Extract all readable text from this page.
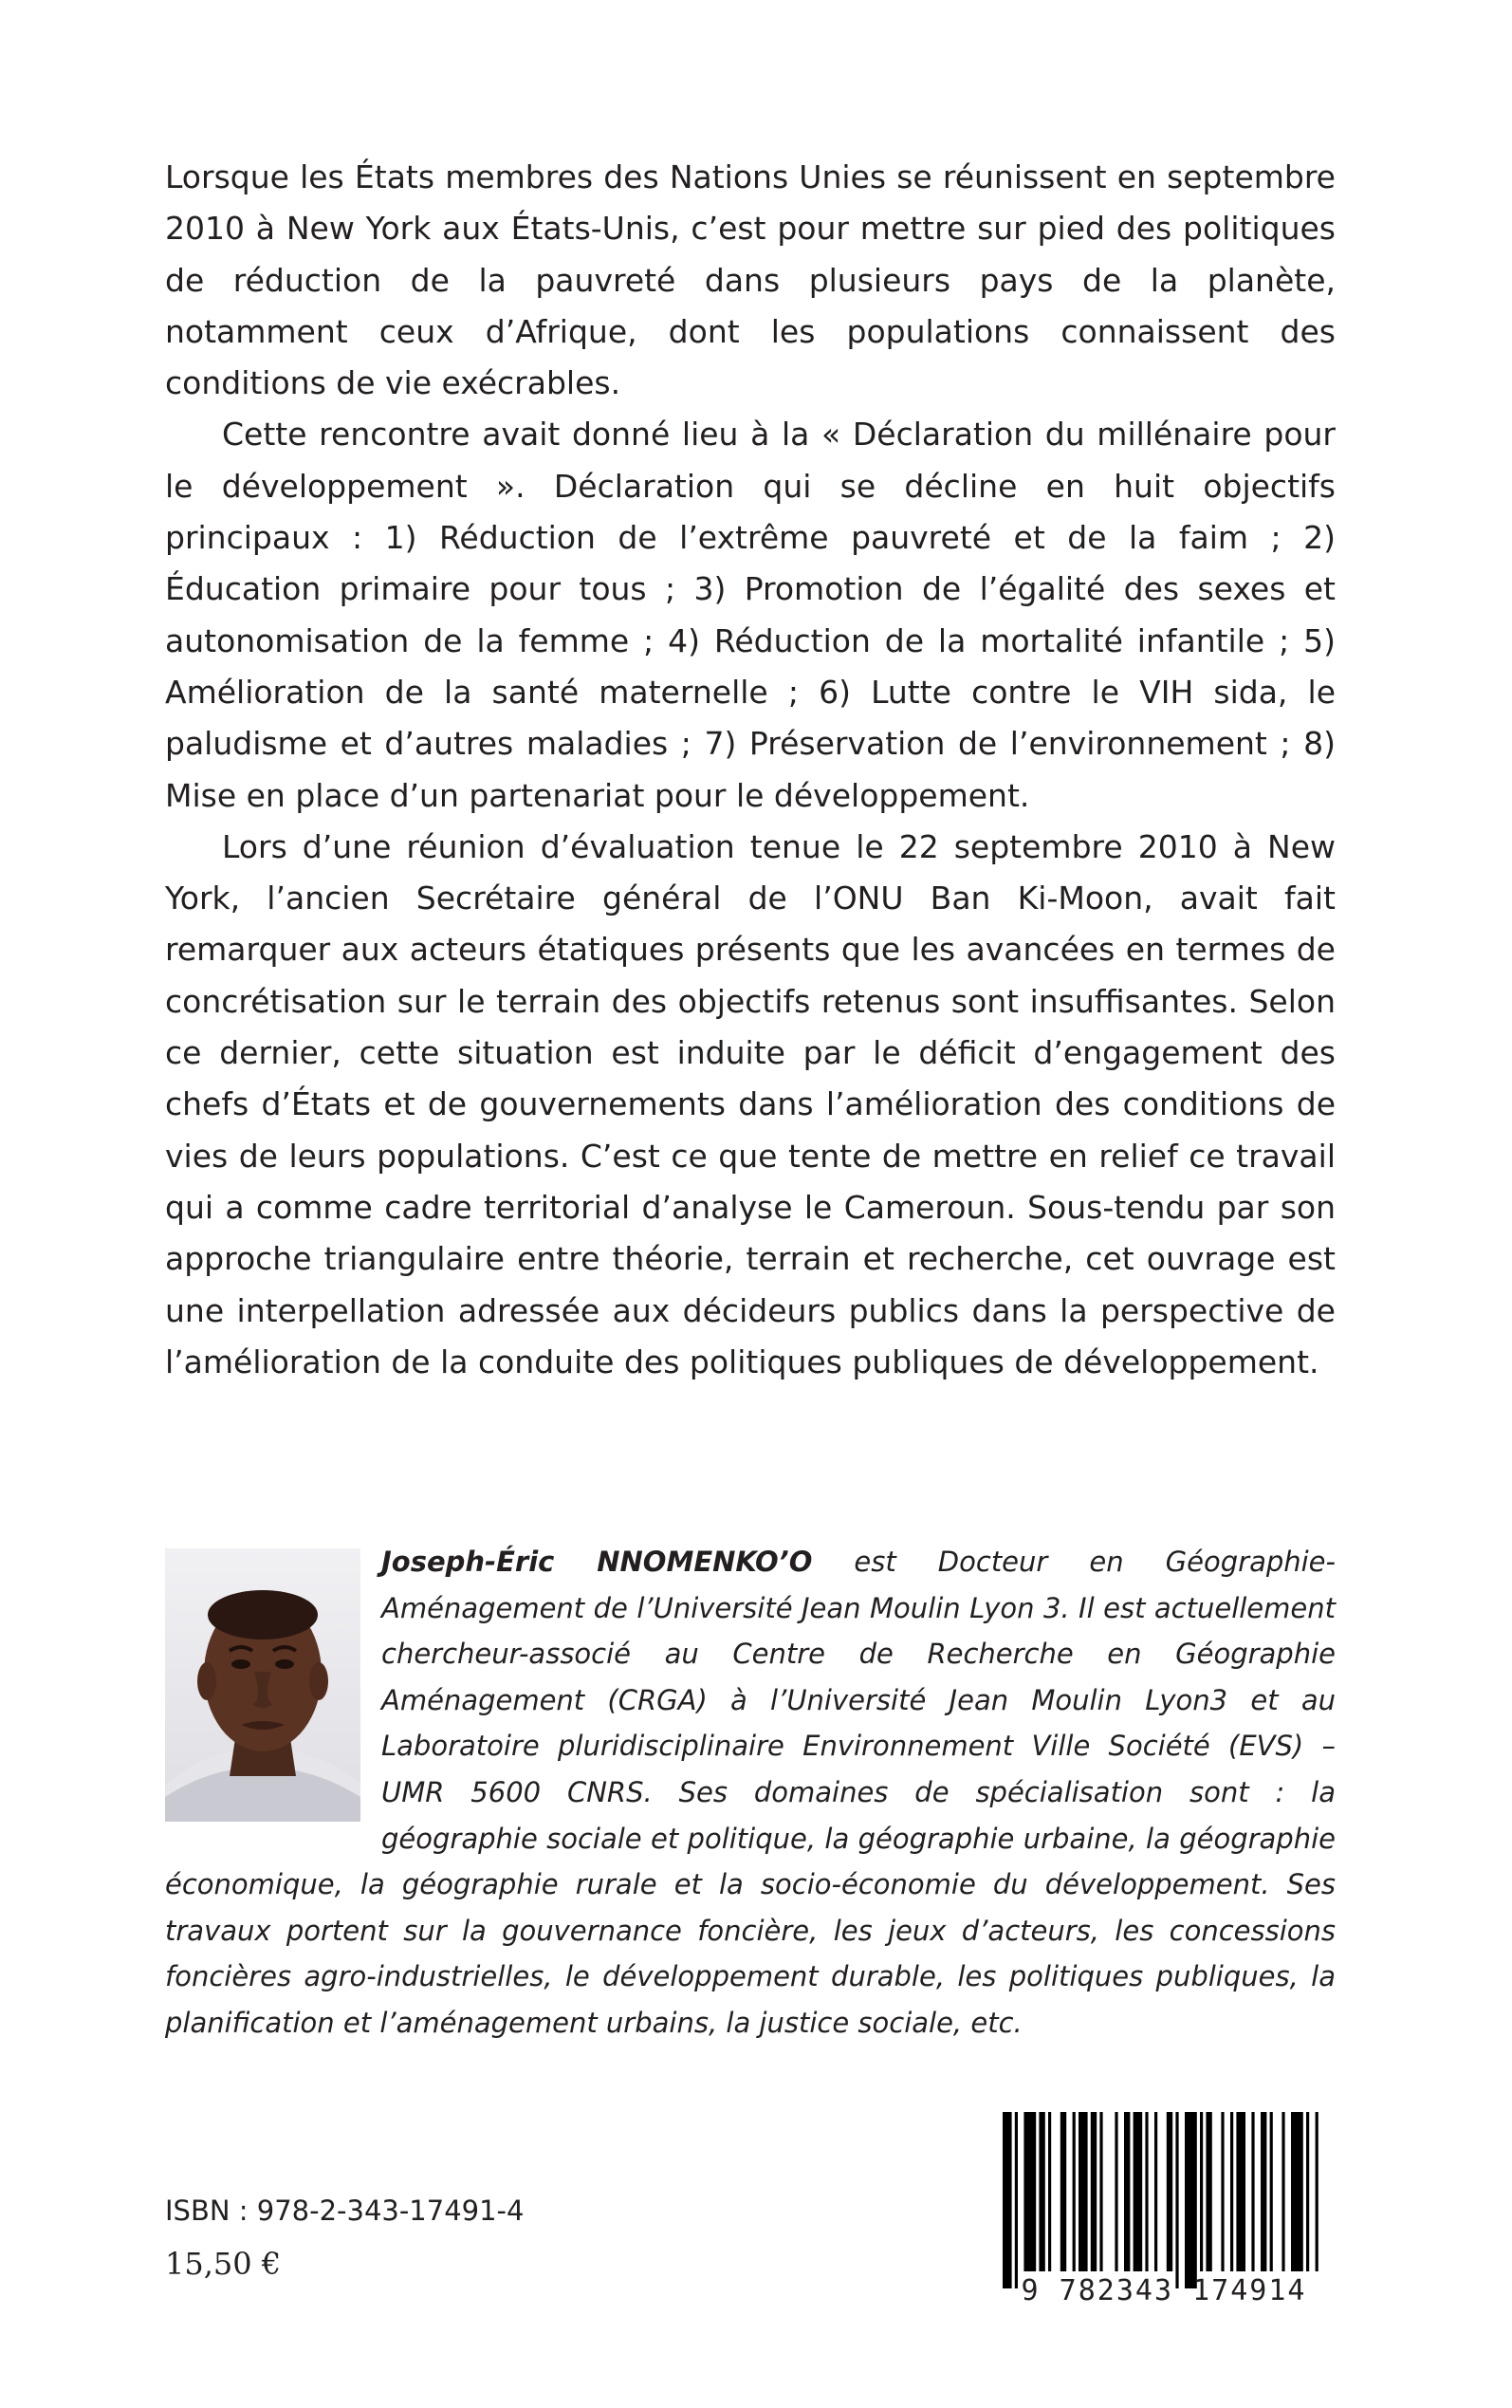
Lorsque les États membres des Nations Unies se réunissent en septembre 2010 à New York aux États-Unis, c’est pour mettre sur pied des politiques de réduction de la pauvreté dans plusieurs pays de la planète, notamment ceux d’Afrique, dont les populations connaissent des conditions de vie exécrables.

Cette rencontre avait donné lieu à la « Déclaration du millénaire pour le développement ». Déclaration qui se décline en huit objectifs principaux : 1) Réduction de l’extrême pauvreté et de la faim ; 2) Éducation primaire pour tous ; 3) Promotion de l’égalité des sexes et autonomisation de la femme ; 4) Réduction de la mortalité infantile ; 5) Amélioration de la santé maternelle ; 6) Lutte contre le VIH sida, le paludisme et d’autres maladies ; 7) Préservation de l’environnement ; 8) Mise en place d’un partenariat pour le développement.

Lors d’une réunion d’évaluation tenue le 22 septembre 2010 à New York, l’ancien Secrétaire général de l’ONU Ban Ki-Moon, avait fait remarquer aux acteurs étatiques présents que les avancées en termes de concrétisation sur le terrain des objectifs retenus sont insuffisantes. Selon ce dernier, cette situation est induite par le déficit d’engagement des chefs d’États et de gouvernements dans l’amélioration des conditions de vies de leurs populations. C’est ce que tente de mettre en relief ce travail qui a comme cadre territorial d’analyse le Cameroun. Sous-tendu par son approche triangulaire entre théorie, terrain et recherche, cet ouvrage est une interpellation adressée aux décideurs publics dans la perspective de l’amélioration de la conduite des politiques publiques de développement.

Joseph-Éric NNOMENKO’O est Docteur en Géographie-Aménagement de l’Université Jean Moulin Lyon 3. Il est actuellement chercheur-associé au Centre de Recherche en Géographie Aménagement (CRGA) à l’Université Jean Moulin Lyon3 et au Laboratoire pluridisciplinaire Environnement Ville Société (EVS) – UMR 5600 CNRS. Ses domaines de spécialisation sont : la géographie sociale et politique, la géographie urbaine, la géographie économique, la géographie rurale et la socio-économie du développement. Ses travaux portent sur la gouvernance foncière, les jeux d’acteurs, les concessions foncières agro-industrielles, le développement durable, les politiques publiques, la planification et l’aménagement urbains, la justice sociale, etc.
ISBN : 978-2-343-17491-4
15,50 €
9 782343 174914
